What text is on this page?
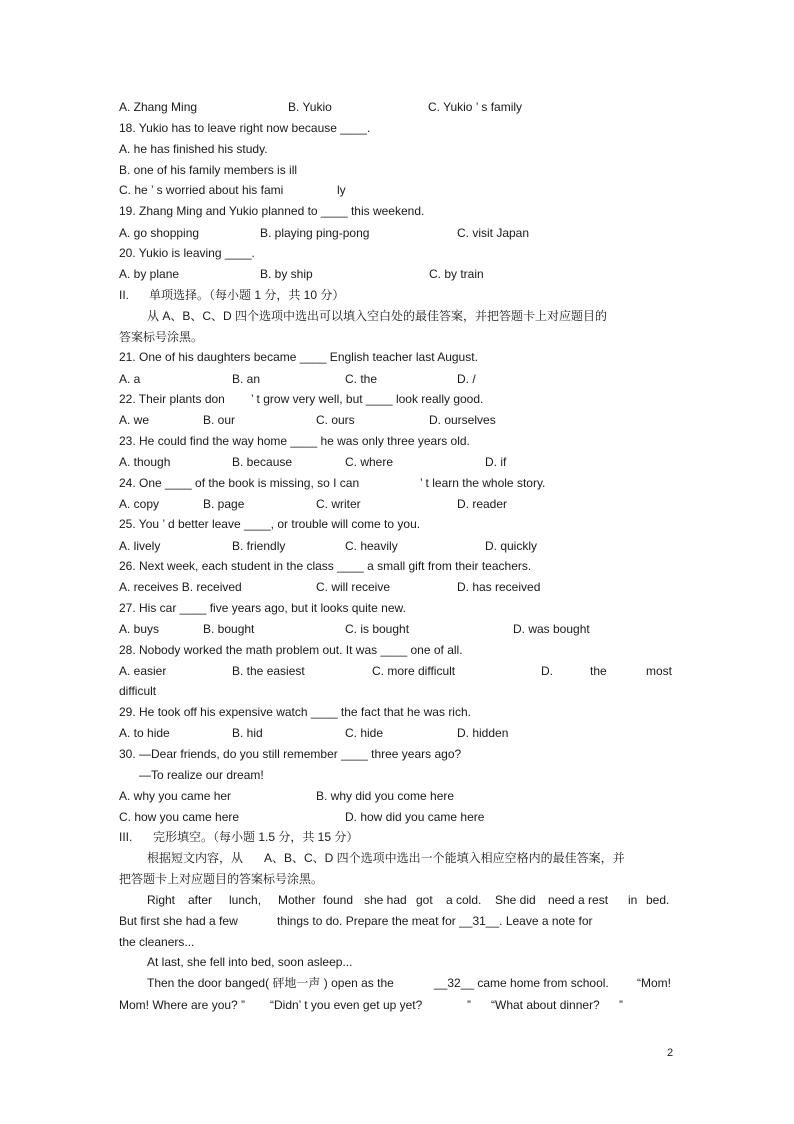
A. Zhang Ming	B. Yukio	C. Yukio ’ s family
18. Yukio has to leave right now because ____.
A. he has finished his study.
B. one of his family members is ill
C. he ’ s worried about his fami	ly
19. Zhang Ming and Yukio planned to ____ this weekend.
A. go shopping	B. playing ping-pong	C. visit Japan
20. Yukio is leaving ____.
A. by plane	B. by ship	C. by train
II. 单项选择。（每小题 1 分，共 10 分）
从 A、B、C、D 四个选项中选出可以填入空白处的最佳答案，并把答题卡上对应题目的
答案标号涂黑。
21. One of his daughters became ____ English teacher last August.
A. a	B. an	C. the	D. /
22. Their plants don ’ t grow very well, but ____ look really good.
A. we	B. our	C. ours	D. ourselves
23. He could find the way home ____ he was only three years old.
A. though	B. because	C. where	D. if
24. One ____ of the book is missing, so I can	’ t learn the whole story.
A. copy	B. page	C. writer	D. reader
25. You ’ d better leave ____, or trouble will come to you.
A. lively	B. friendly	C. heavily	D. quickly
26. Next week, each student in the class ____ a small gift from their teachers.
A. receives B. received	C. will receive	D. has received
27. His car ____ five years ago, but it looks quite new.
A. buys	B. bought	C. is bought	D. was bought
28. Nobody worked the math problem out. It was ____ one of all.
A. easier	B. the easiest	C. more difficult	D.	the	most
difficult
29. He took off his expensive watch ____ the fact that he was rich.
A. to hide	B. hid	C. hide	D. hidden
30. —Dear friends, do you still remember ____ three years ago?
—To realize our dream!
A. why you came her	B. why did you come here
C. how you came here	D. how did you came here
III. 完形填空。（每小题 1.5 分，共 15 分）
根据短文内容，从 A、B、C、D 四个选项中选出一个能填入相应空格内的最佳答案，并
把答题卡上对应题目的答案标号涂黑。
Right after lunch, Mother found she had got a cold. She did need a rest in bed.
But first she had a few	things to do. Prepare the meat for __31__. Leave a note for
the cleaners...
At last, she fell into bed, soon asleep...
Then the door banged( 砰地一声 ) open as the	__32__ came home from school. “Mom!
Mom! Where are you? ” “Didn’ t you even get up yet?	” “What about dinner? ”
2
